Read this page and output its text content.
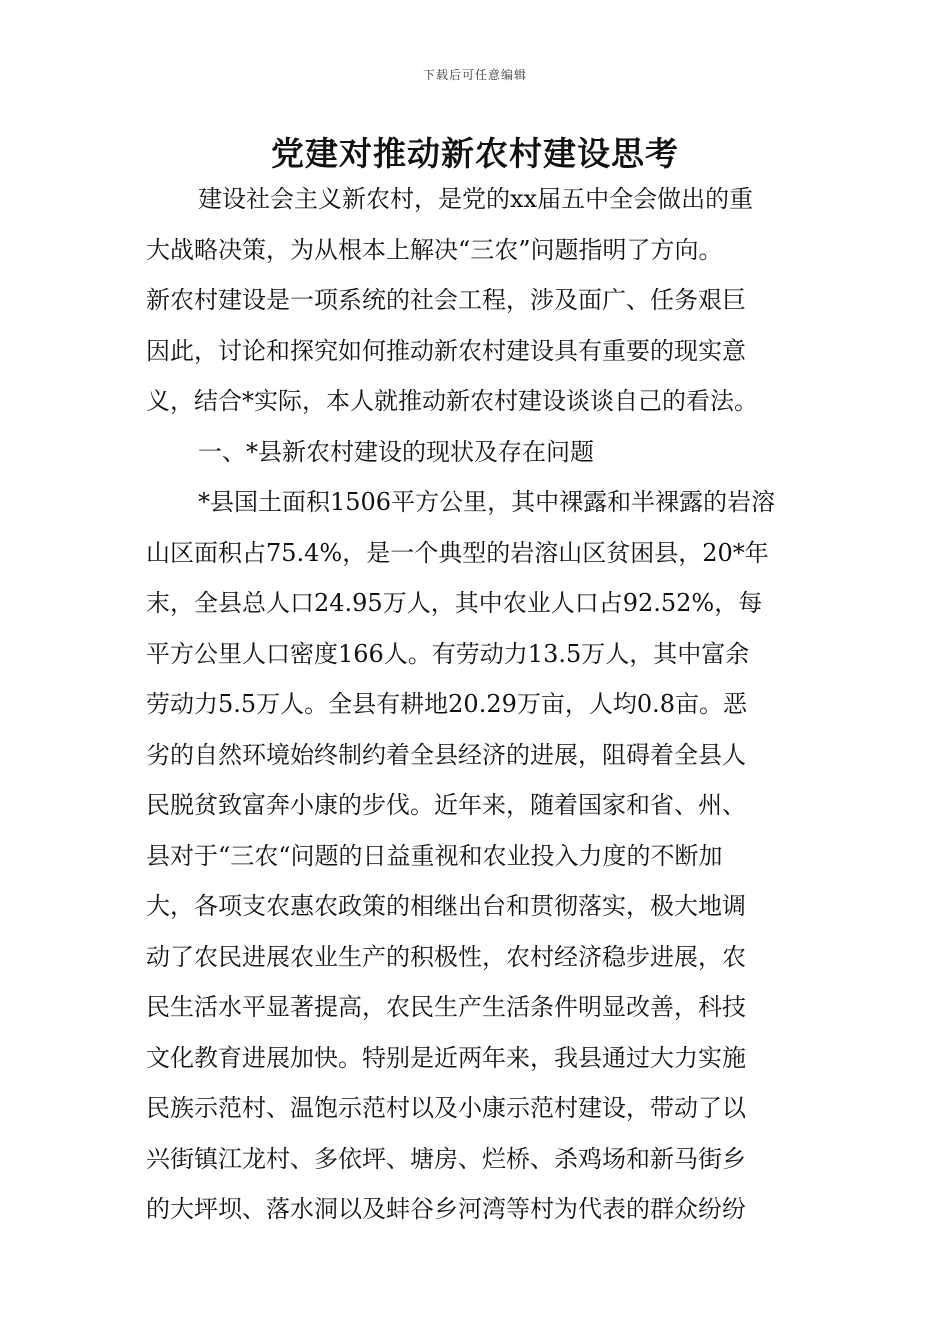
下载后可任意编辑
党建对推动新农村建设思考
建设社会主义新农村，是党的xx届五中全会做出的重
大战略决策，为从根本上解决“三农”问题指明了方向。
新农村建设是一项系统的社会工程，涉及面广、任务艰巨
因此，讨论和探究如何推动新农村建设具有重要的现实意
义，结合*实际，本人就推动新农村建设谈谈自己的看法。
一、*县新农村建设的现状及存在问题
*县国土面积1506平方公里，其中裸露和半裸露的岩溶
山区面积占75.4%，是一个典型的岩溶山区贫困县，20*年
末，全县总人口24.95万人，其中农业人口占92.52%，每
平方公里人口密度166人。有劳动力13.5万人，其中富余
劳动力5.5万人。全县有耕地20.29万亩，人均0.8亩。恶
劣的自然环境始终制约着全县经济的进展，阻碍着全县人
民脱贫致富奔小康的步伐。近年来，随着国家和省、州、
县对于“三农“问题的日益重视和农业投入力度的不断加
大，各项支农惠农政策的相继出台和贯彻落实，极大地调
动了农民进展农业生产的积极性，农村经济稳步进展，农
民生活水平显著提高，农民生产生活条件明显改善，科技
文化教育进展加快。特别是近两年来，我县通过大力实施
民族示范村、温饱示范村以及小康示范村建设，带动了以
兴街镇江龙村、多依坪、塘房、烂桥、杀鸡场和新马街乡
的大坪坝、落水洞以及蚌谷乡河湾等村为代表的群众纷纷
